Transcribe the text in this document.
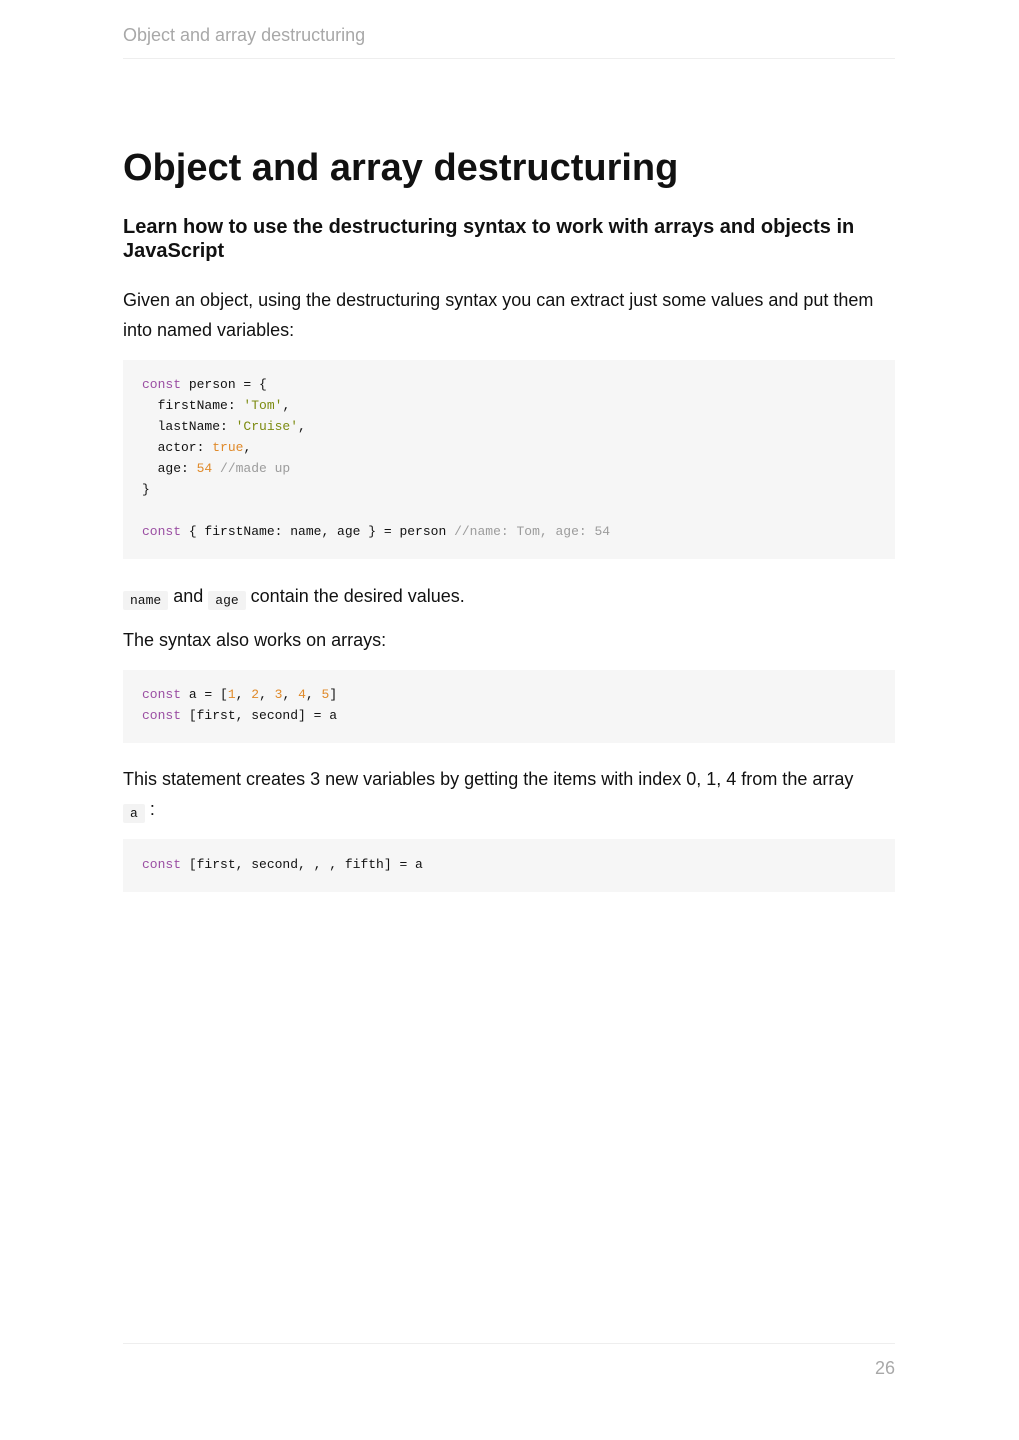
Object and array destructuring
Object and array destructuring
Learn how to use the destructuring syntax to work with arrays and objects in JavaScript

Given an object, using the destructuring syntax you can extract just some values and put them into named variables:

const person = {
firstName: 'Tom',
lastName: 'Cruise',
actor: true,
age: 54 //made up
}
const { firstName: name, age } = person //name: Tom, age: 54

name and age contain the desired values.

The syntax also works on arrays:

const a = [1, 2, 3, 4, 5]
const [first, second] = a

This statement creates 3 new variables by getting the items with index 0, 1, 4 from the array
a :

const [first, second, , , fifth] = a
26
